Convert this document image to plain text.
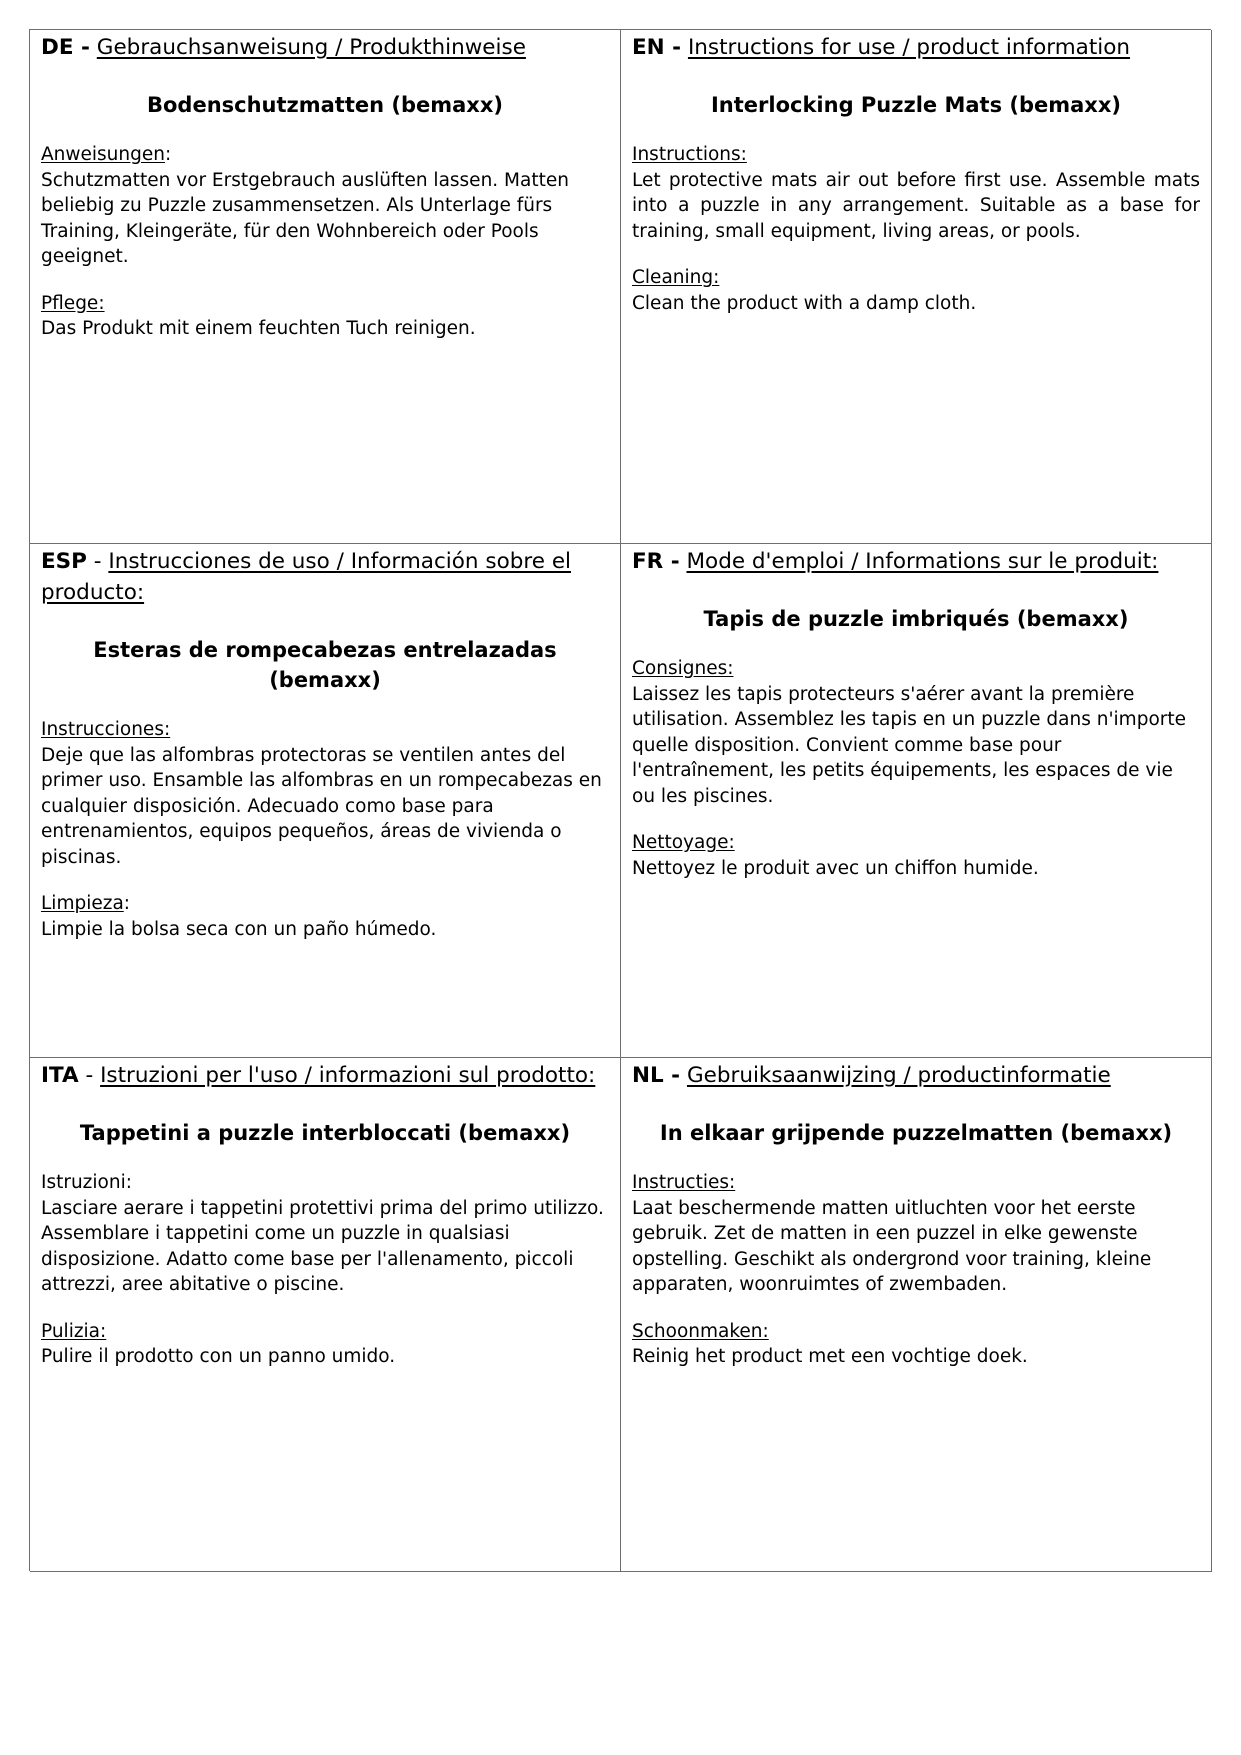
DE - Gebrauchsanweisung / Produkthinweise

Bodenschutzmatten (bemaxx)

Anweisungen:
Schutzmatten vor Erstgebrauch auslüften lassen. Matten beliebig zu Puzzle zusammensetzen. Als Unterlage fürs Training, Kleingeräte, für den Wohnbereich oder Pools geeignet.
Pflege:
Das Produkt mit einem feuchten Tuch reinigen.

EN - Instructions for use / product information

Interlocking Puzzle Mats (bemaxx)

Instructions:
Let protective mats air out before first use. Assemble mats into a puzzle in any arrangement. Suitable as a base for training, small equipment, living areas, or pools.
Cleaning:
Clean the product with a damp cloth.

ESP - Instrucciones de uso / Información sobre el producto:

Esteras de rompecabezas entrelazadas (bemaxx)

Instrucciones:
Deje que las alfombras protectoras se ventilen antes del primer uso. Ensamble las alfombras en un rompecabezas en cualquier disposición. Adecuado como base para entrenamientos, equipos pequeños, áreas de vivienda o piscinas.
Limpieza:
Limpie la bolsa seca con un paño húmedo.

FR - Mode d'emploi / Informations sur le produit:

Tapis de puzzle imbriqués (bemaxx)

Consignes:
Laissez les tapis protecteurs s'aérer avant la première utilisation. Assemblez les tapis en un puzzle dans n'importe quelle disposition. Convient comme base pour l'entraînement, les petits équipements, les espaces de vie ou les piscines.
Nettoyage:
Nettoyez le produit avec un chiffon humide.

ITA - Istruzioni per l'uso / informazioni sul prodotto:

Tappetini a puzzle interbloccati (bemaxx)

Istruzioni:
Lasciare aerare i tappetini protettivi prima del primo utilizzo. Assemblare i tappetini come un puzzle in qualsiasi disposizione. Adatto come base per l'allenamento, piccoli attrezzi, aree abitative o piscine.
Pulizia:
Pulire il prodotto con un panno umido.

NL - Gebruiksaanwijzing / productinformatie

In elkaar grijpende puzzelmatten (bemaxx)

Instructies:
Laat beschermende matten uitluchten voor het eerste gebruik. Zet de matten in een puzzel in elke gewenste opstelling. Geschikt als ondergrond voor training, kleine apparaten, woonruimtes of zwembaden.
Schoonmaken:
Reinig het product met een vochtige doek.
